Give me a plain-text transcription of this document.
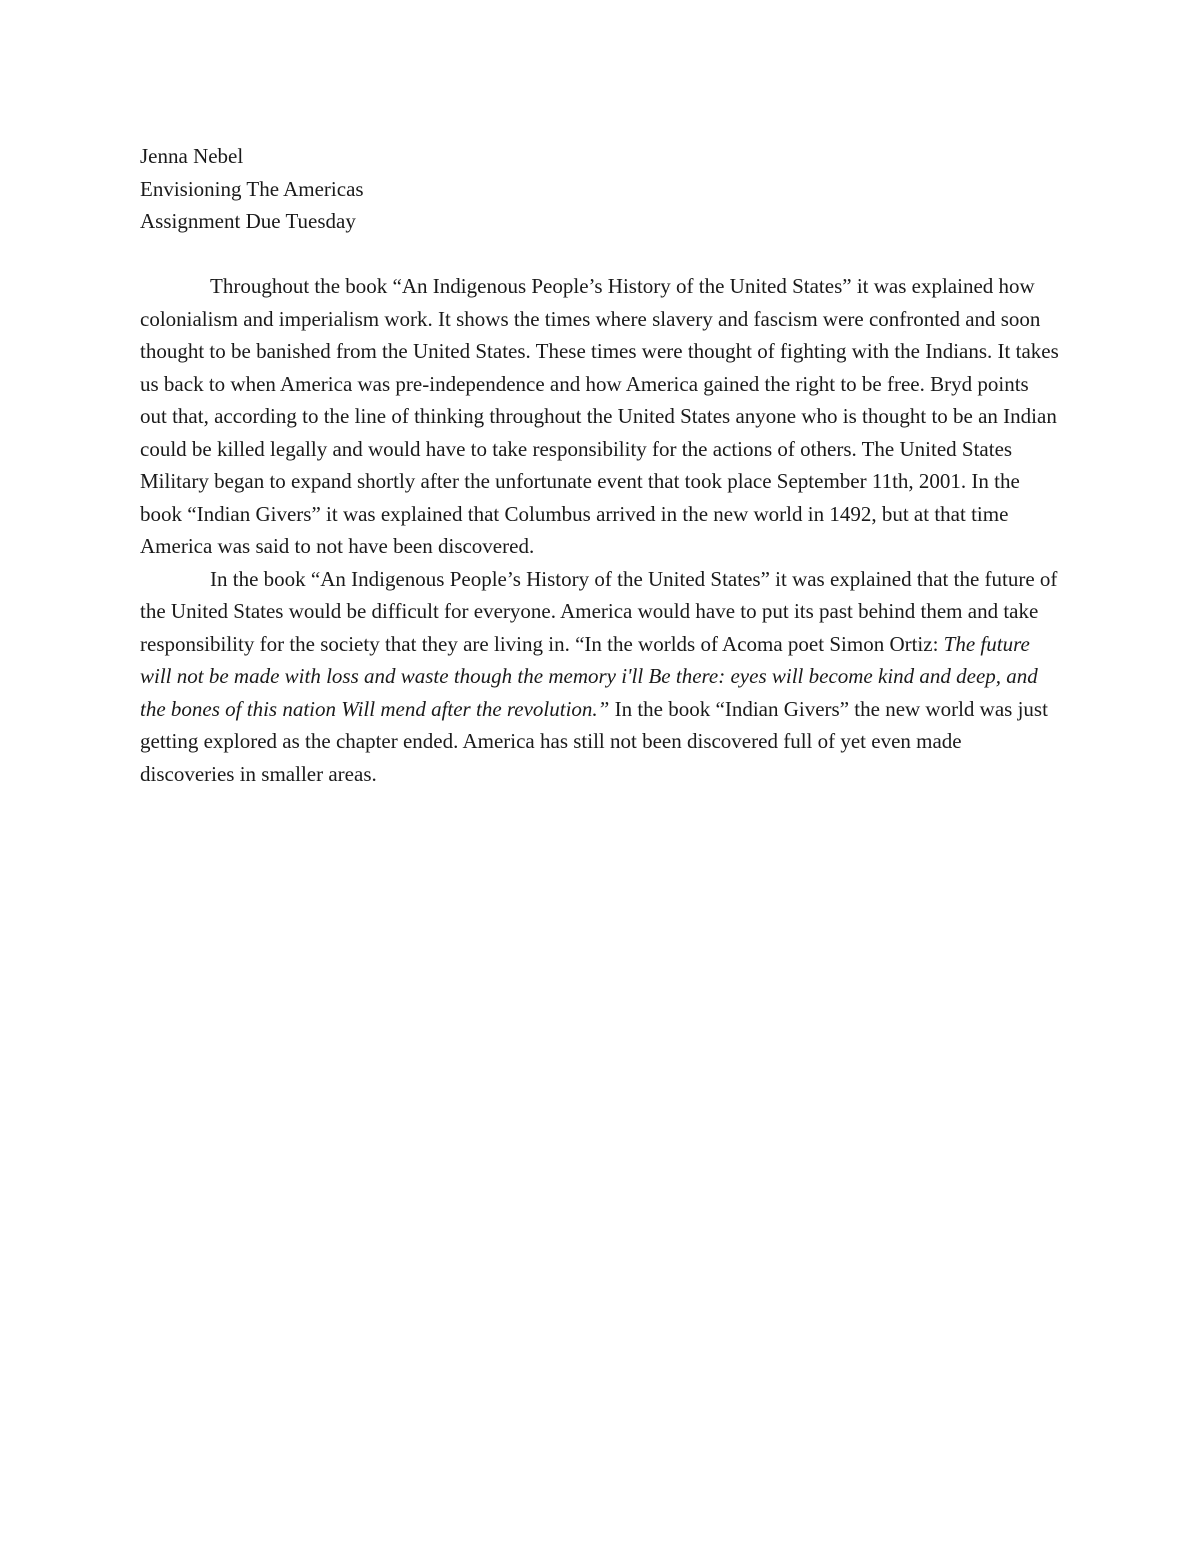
Jenna Nebel
Envisioning The Americas
Assignment Due Tuesday

Throughout the book “An Indigenous People’s History of the United States” it was explained how colonialism and imperialism work. It shows the times where slavery and fascism were confronted and soon thought to be banished from the United States. These times were thought of fighting with the Indians. It takes us back to when America was pre-independence and how America gained the right to be free. Bryd points out that, according to the line of thinking throughout the United States anyone who is thought to be an Indian could be killed legally and would have to take responsibility for the actions of others. The United States Military began to expand shortly after the unfortunate event that took place September 11th, 2001. In the book “Indian Givers” it was explained that Columbus arrived in the new world in 1492, but at that time America was said to not have been discovered.

In the book “An Indigenous People’s History of the United States” it was explained that the future of the United States would be difficult for everyone. America would have to put its past behind them and take responsibility for the society that they are living in. “In the worlds of Acoma poet Simon Ortiz: The future will not be made with loss and waste though the memory i'll Be there: eyes will become kind and deep, and the bones of this nation Will mend after the revolution.” In the book “Indian Givers” the new world was just getting explored as the chapter ended. America has still not been discovered full of yet even made discoveries in smaller areas.
